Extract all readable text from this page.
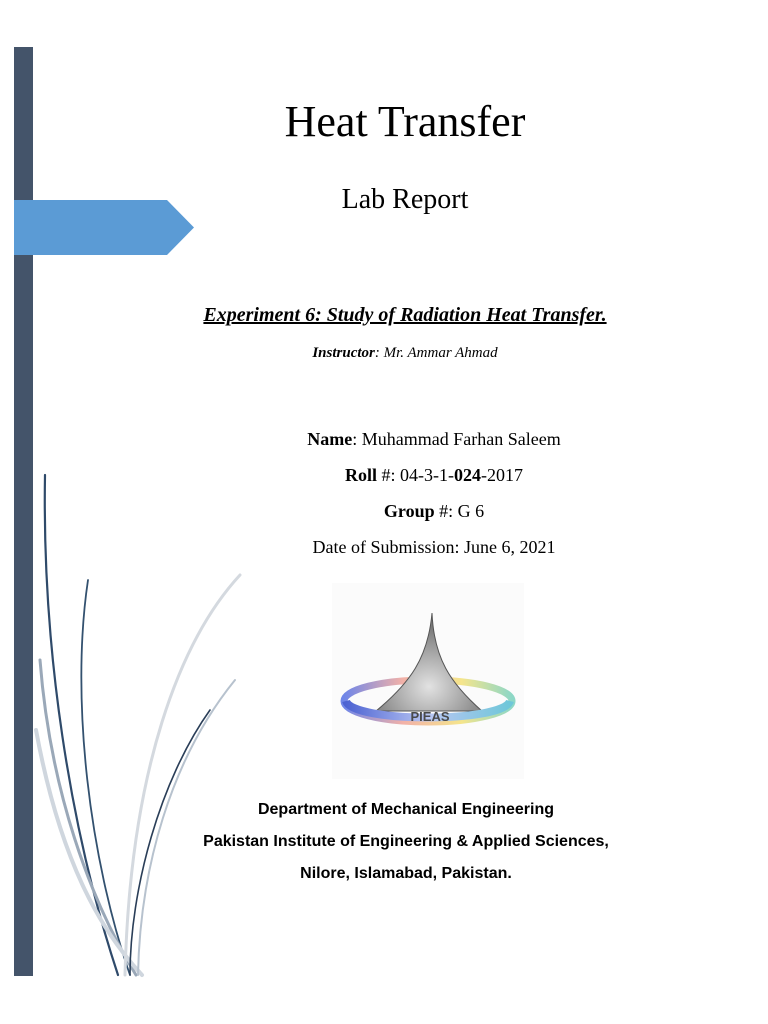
Heat Transfer
Lab Report
Experiment 6: Study of Radiation Heat Transfer.
Instructor: Mr. Ammar Ahmad
Name: Muhammad Farhan Saleem
Roll #: 04-3-1-024-2017
Group #: G 6
Date of Submission: June 6, 2021
PIEAS
Department of Mechanical Engineering
Pakistan Institute of Engineering & Applied Sciences,
Nilore, Islamabad, Pakistan.
